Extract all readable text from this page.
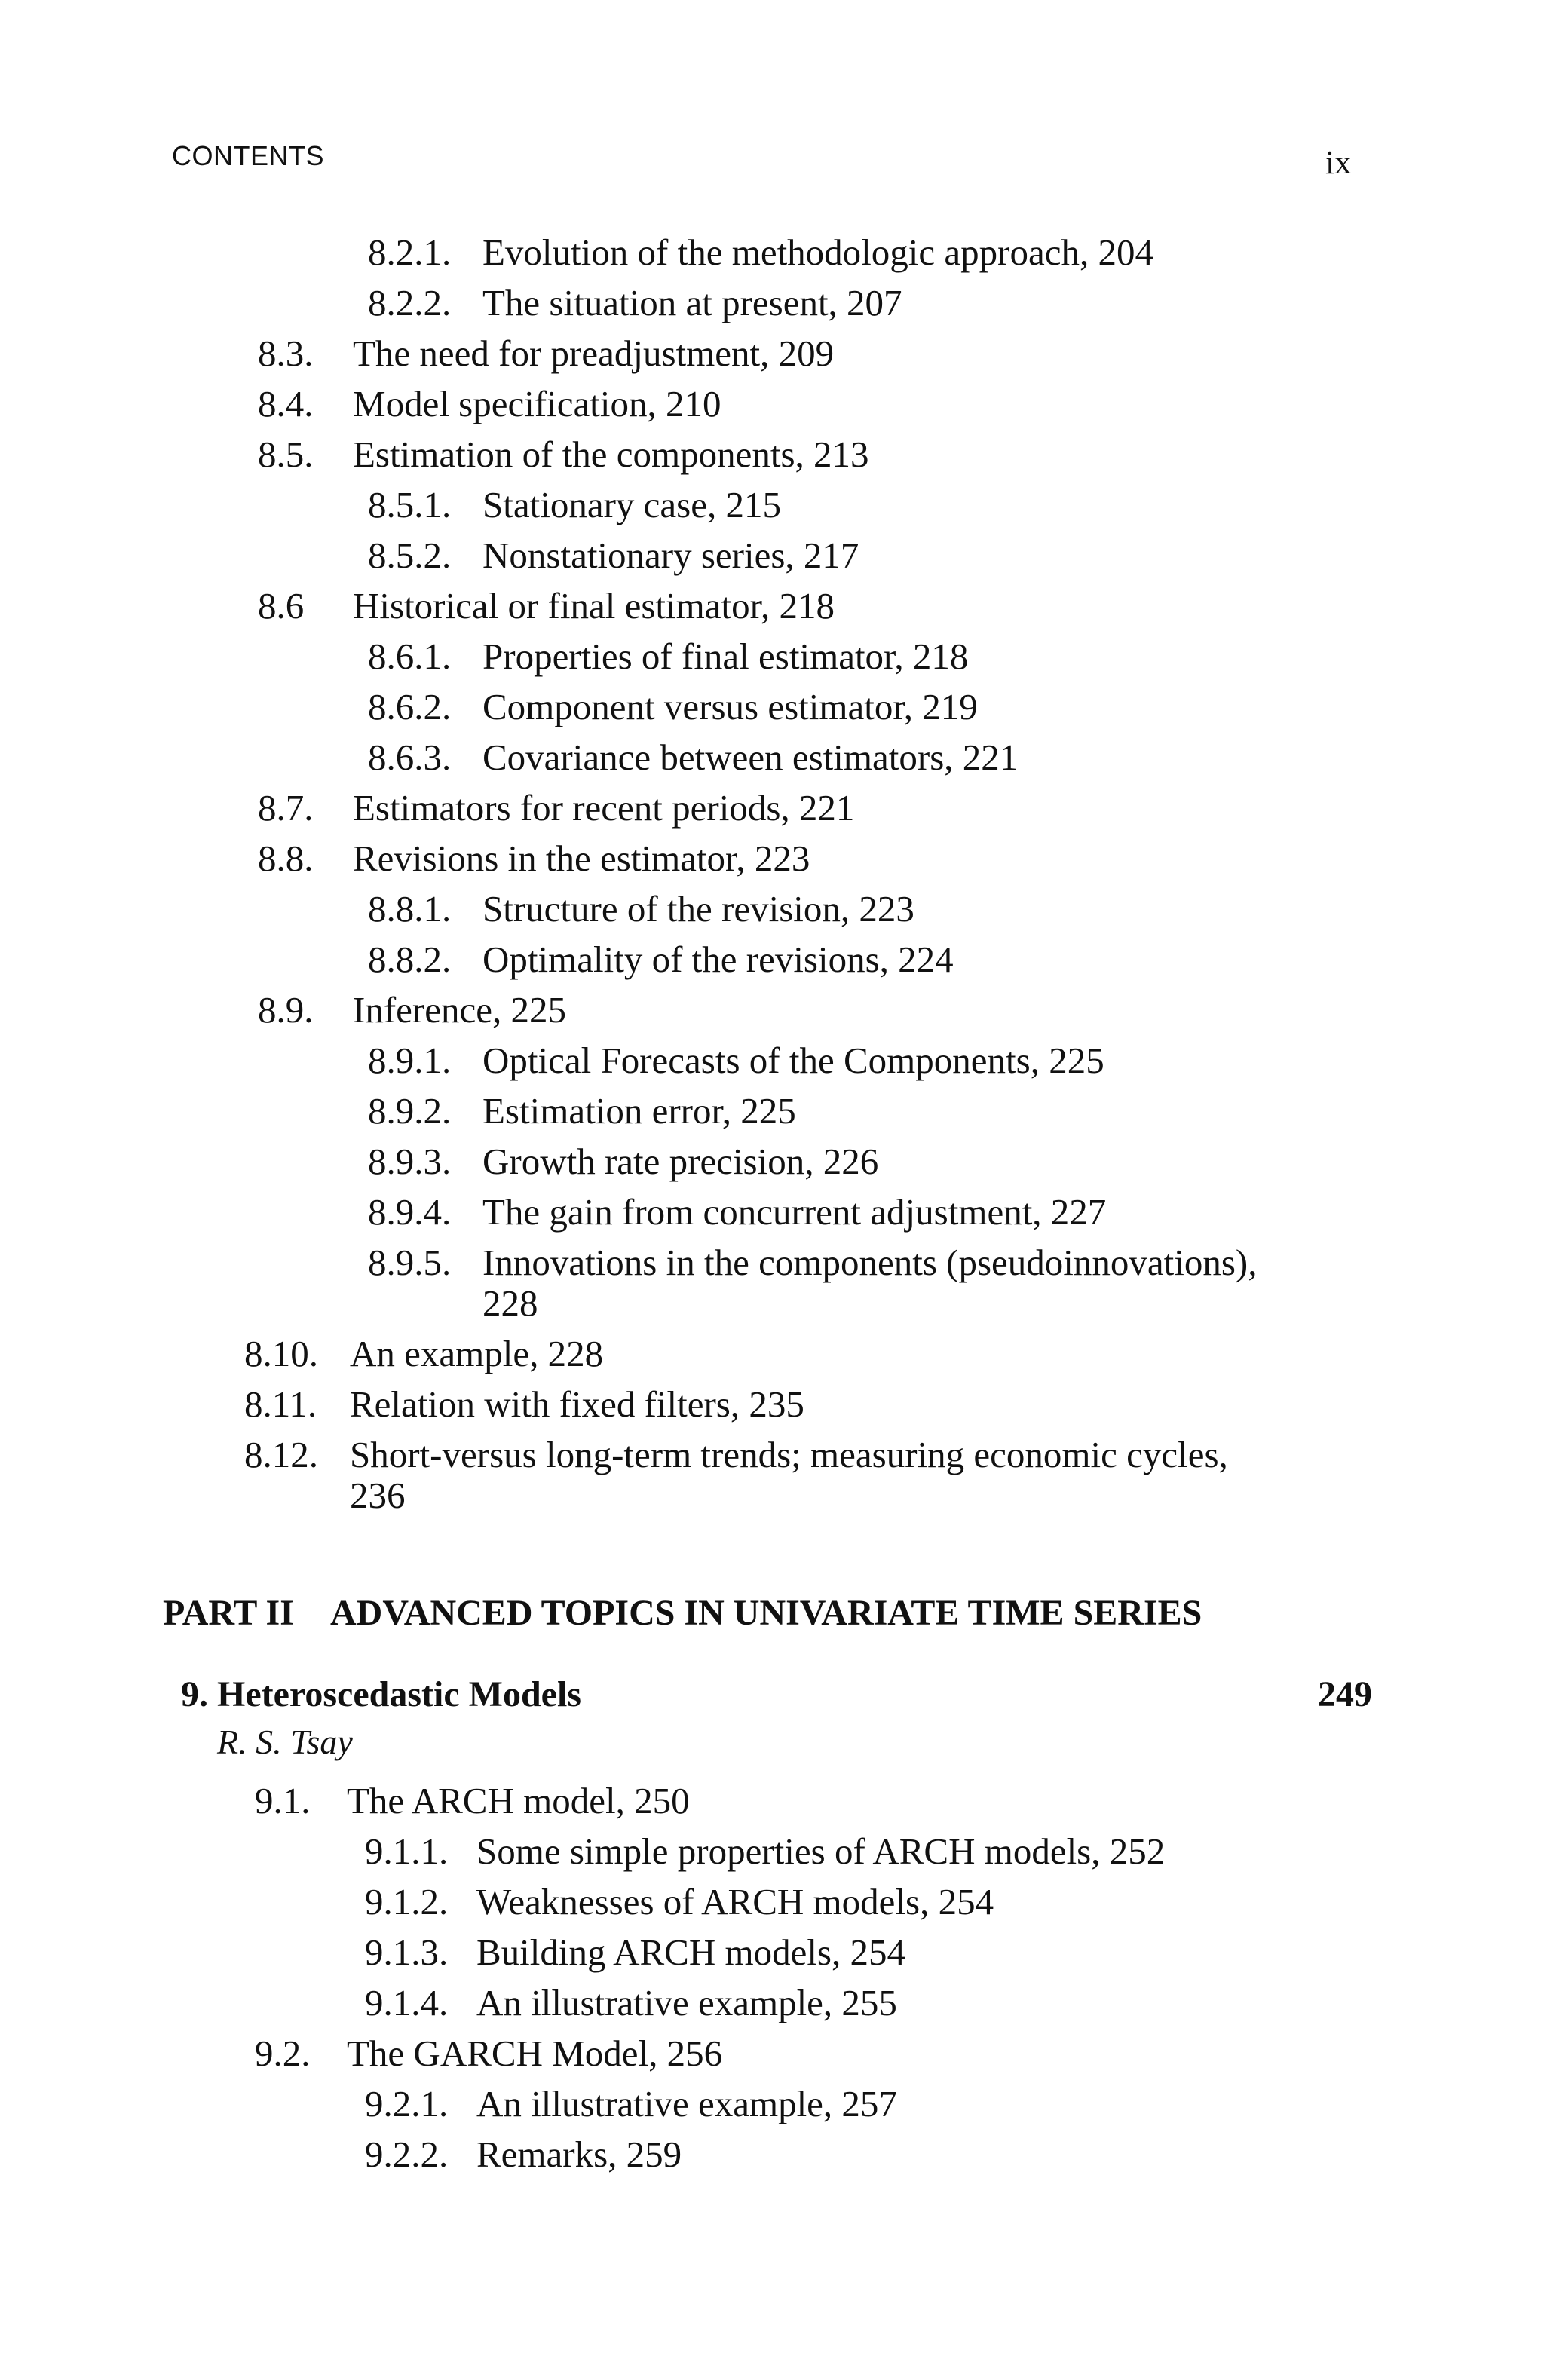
CONTENTS	ix
8.2.1. Evolution of the methodologic approach, 204
8.2.2. The situation at present, 207
8.3. The need for preadjustment, 209
8.4. Model specification, 210
8.5. Estimation of the components, 213
8.5.1. Stationary case, 215
8.5.2. Nonstationary series, 217
8.6 Historical or final estimator, 218
8.6.1. Properties of final estimator, 218
8.6.2. Component versus estimator, 219
8.6.3. Covariance between estimators, 221
8.7. Estimators for recent periods, 221
8.8. Revisions in the estimator, 223
8.8.1. Structure of the revision, 223
8.8.2. Optimality of the revisions, 224
8.9. Inference, 225
8.9.1. Optical Forecasts of the Components, 225
8.9.2. Estimation error, 225
8.9.3. Growth rate precision, 226
8.9.4. The gain from concurrent adjustment, 227
8.9.5. Innovations in the components (pseudoinnovations),
228
8.10. An example, 228
8.11. Relation with fixed filters, 235
8.12. Short-versus long-term trends; measuring economic cycles,
236
PART II ADVANCED TOPICS IN UNIVARIATE TIME SERIES
9. Heteroscedastic Models	249
R. S. Tsay
9.1. The ARCH model, 250
9.1.1. Some simple properties of ARCH models, 252
9.1.2. Weaknesses of ARCH models, 254
9.1.3. Building ARCH models, 254
9.1.4. An illustrative example, 255
9.2. The GARCH Model, 256
9.2.1. An illustrative example, 257
9.2.2. Remarks, 259
